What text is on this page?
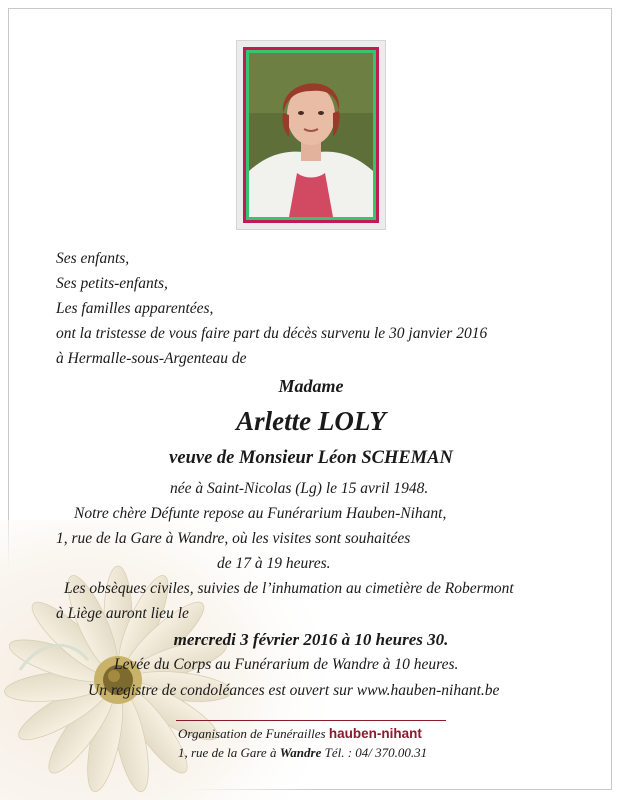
Ses enfants,
Ses petits-enfants,
Les familles apparentées,
ont la tristesse de vous faire part du décès survenu le 30 janvier 2016
à Hermalle-sous-Argenteau de
Madame
Arlette LOLY
veuve de Monsieur Léon SCHEMAN
née à Saint-Nicolas (Lg) le 15 avril 1948.
Notre chère Défunte repose au Funérarium Hauben-Nihant,
1, rue de la Gare à Wandre, où les visites sont souhaitées
de 17 à 19 heures.
Les obsèques civiles, suivies de l’inhumation au cimetière de Robermont
à Liège auront lieu le
mercredi 3 février 2016 à 10 heures 30.
Levée du Corps au Funérarium de Wandre à 10 heures.
Un registre de condoléances est ouvert sur www.hauben-nihant.be
Organisation de Funérailles hauben-nihant
1, rue de la Gare à Wandre Tél. : 04/ 370.00.31
